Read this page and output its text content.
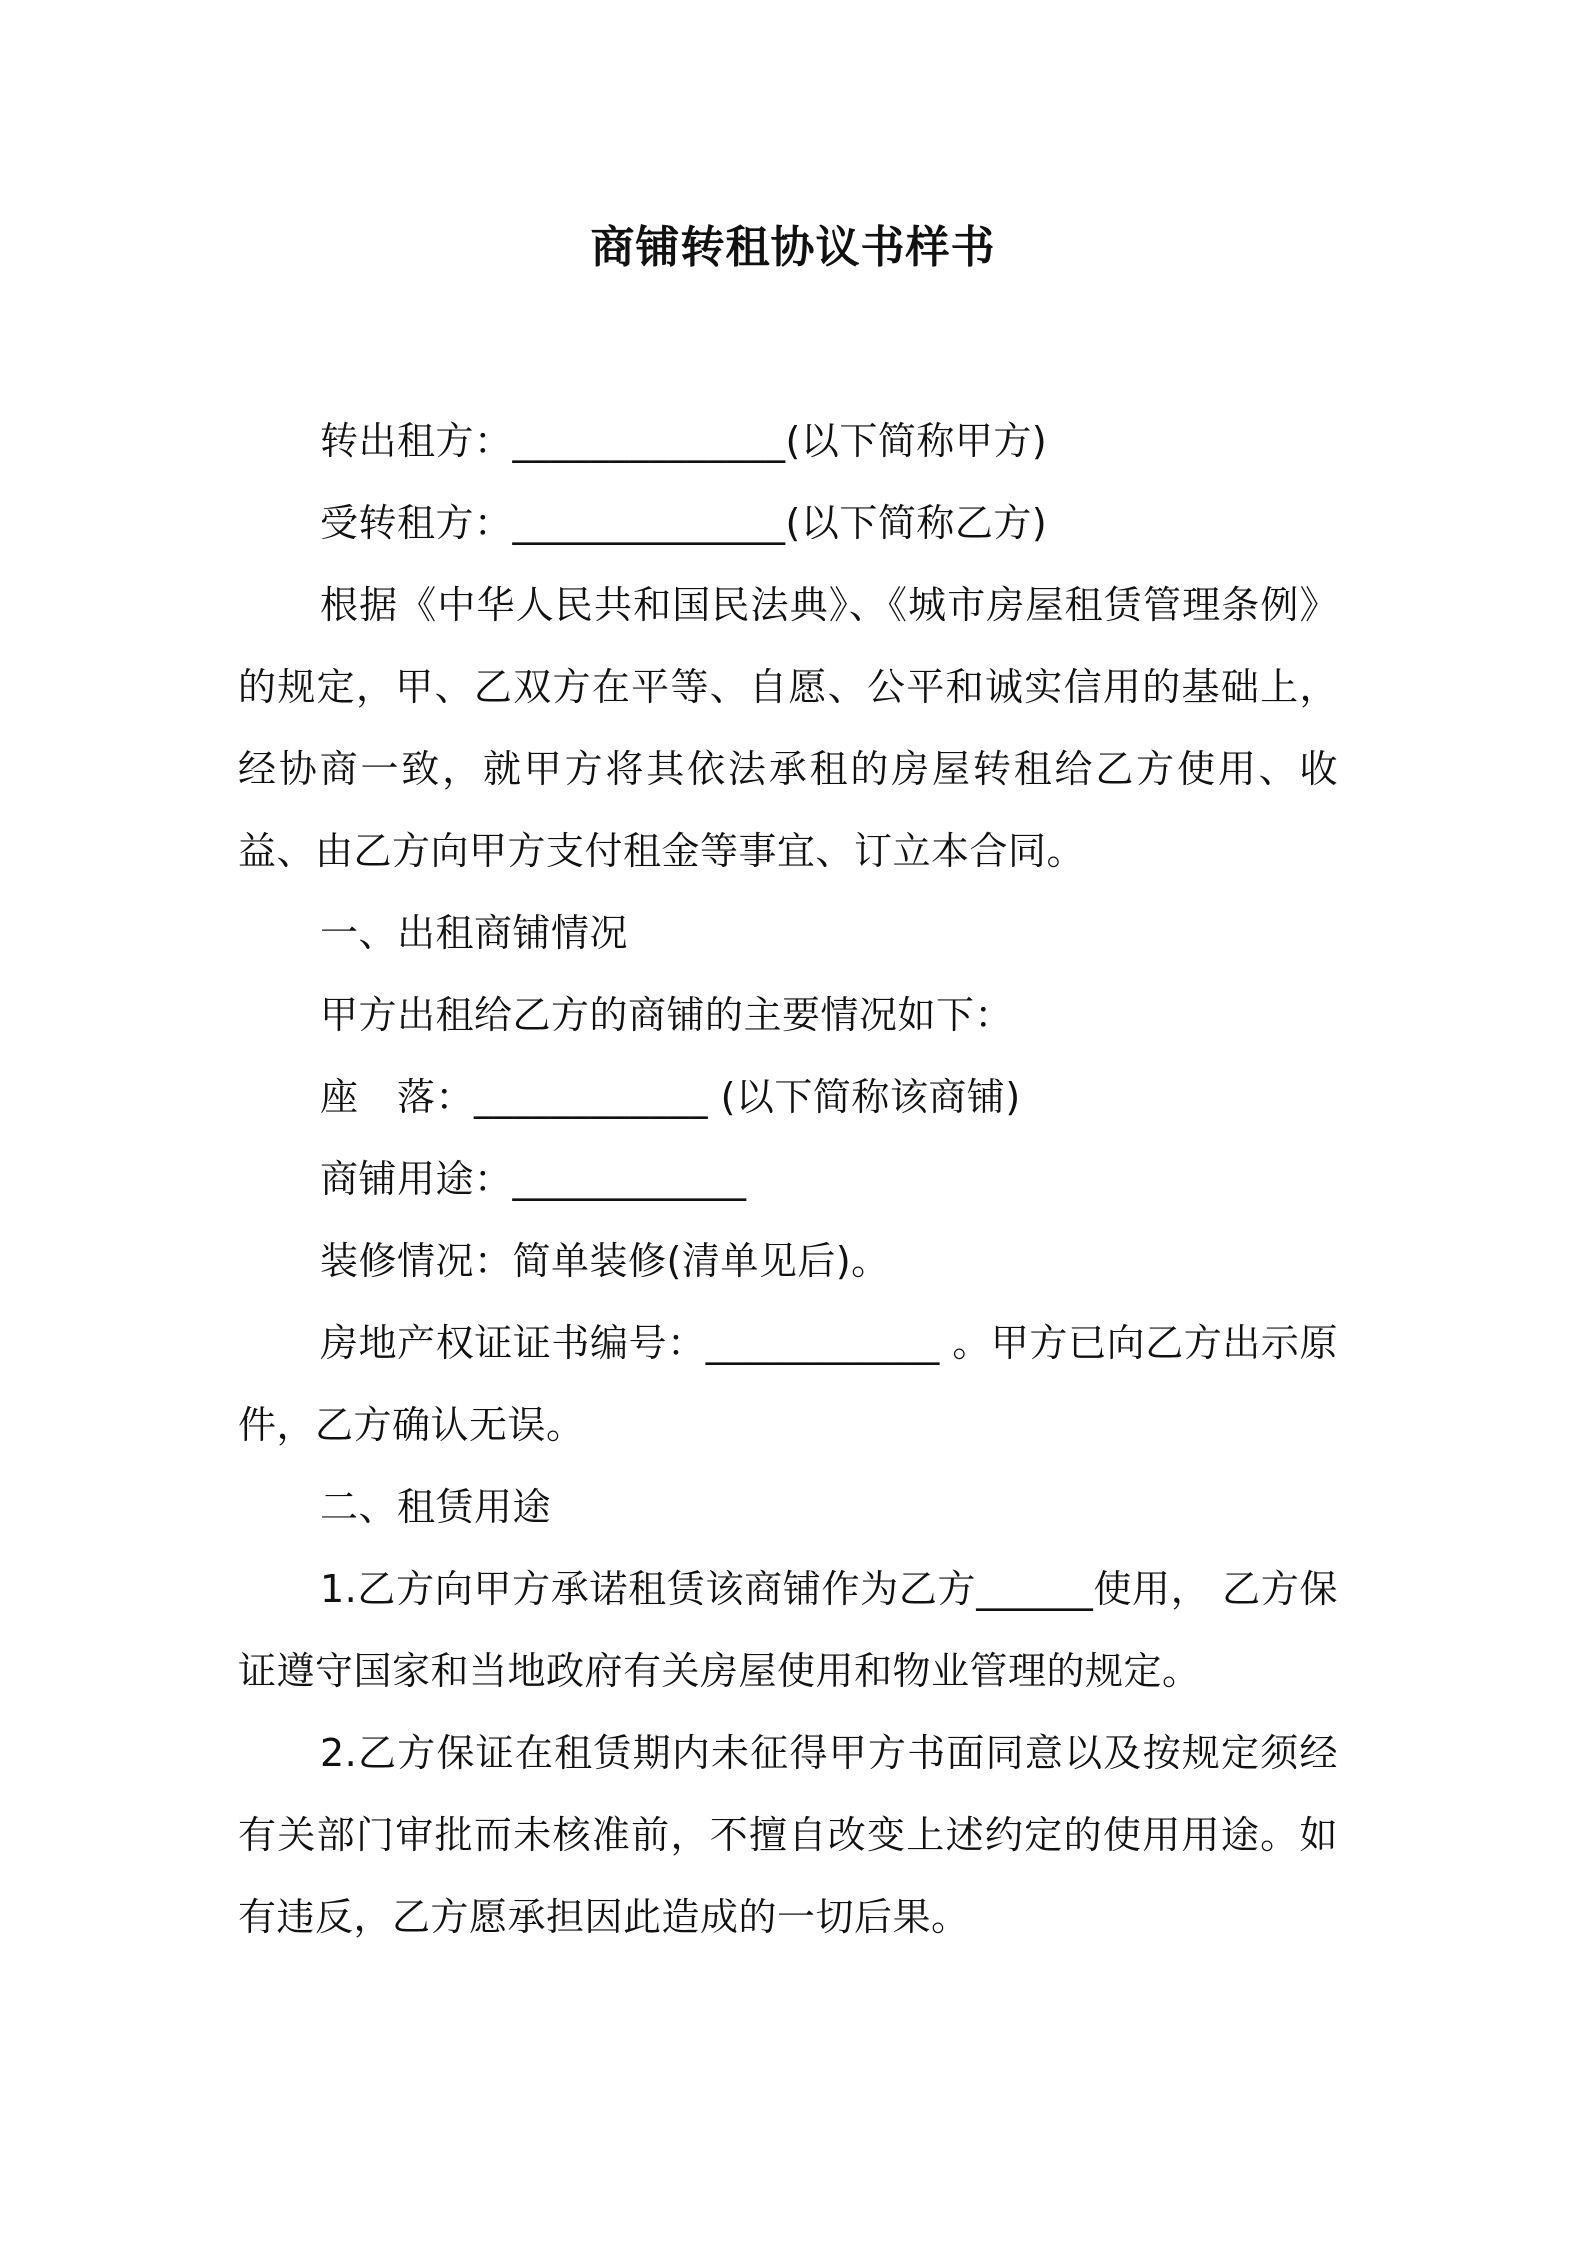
商铺转租协议书样书

转出租方：______________(以下简称甲方)

受转租方：______________(以下简称乙方)

根据《中华人民共和国民法典》、《城市房屋租赁管理条例》的规定，甲、乙双方在平等、自愿、公平和诚实信用的基础上，经协商一致，就甲方将其依法承租的房屋转租给乙方使用、收益、由乙方向甲方支付租金等事宜、订立本合同。

一、出租商铺情况

甲方出租给乙方的商铺的主要情况如下：

座　落：____________ (以下简称该商铺)

商铺用途：____________

装修情况：简单装修(清单见后)。

房地产权证证书编号：____________ 。甲方已向乙方出示原件，乙方确认无误。

二、租赁用途

1.乙方向甲方承诺租赁该商铺作为乙方______使用， 乙方保证遵守国家和当地政府有关房屋使用和物业管理的规定。

2.乙方保证在租赁期内未征得甲方书面同意以及按规定须经有关部门审批而未核准前，不擅自改变上述约定的使用用途。如有违反，乙方愿承担因此造成的一切后果。
